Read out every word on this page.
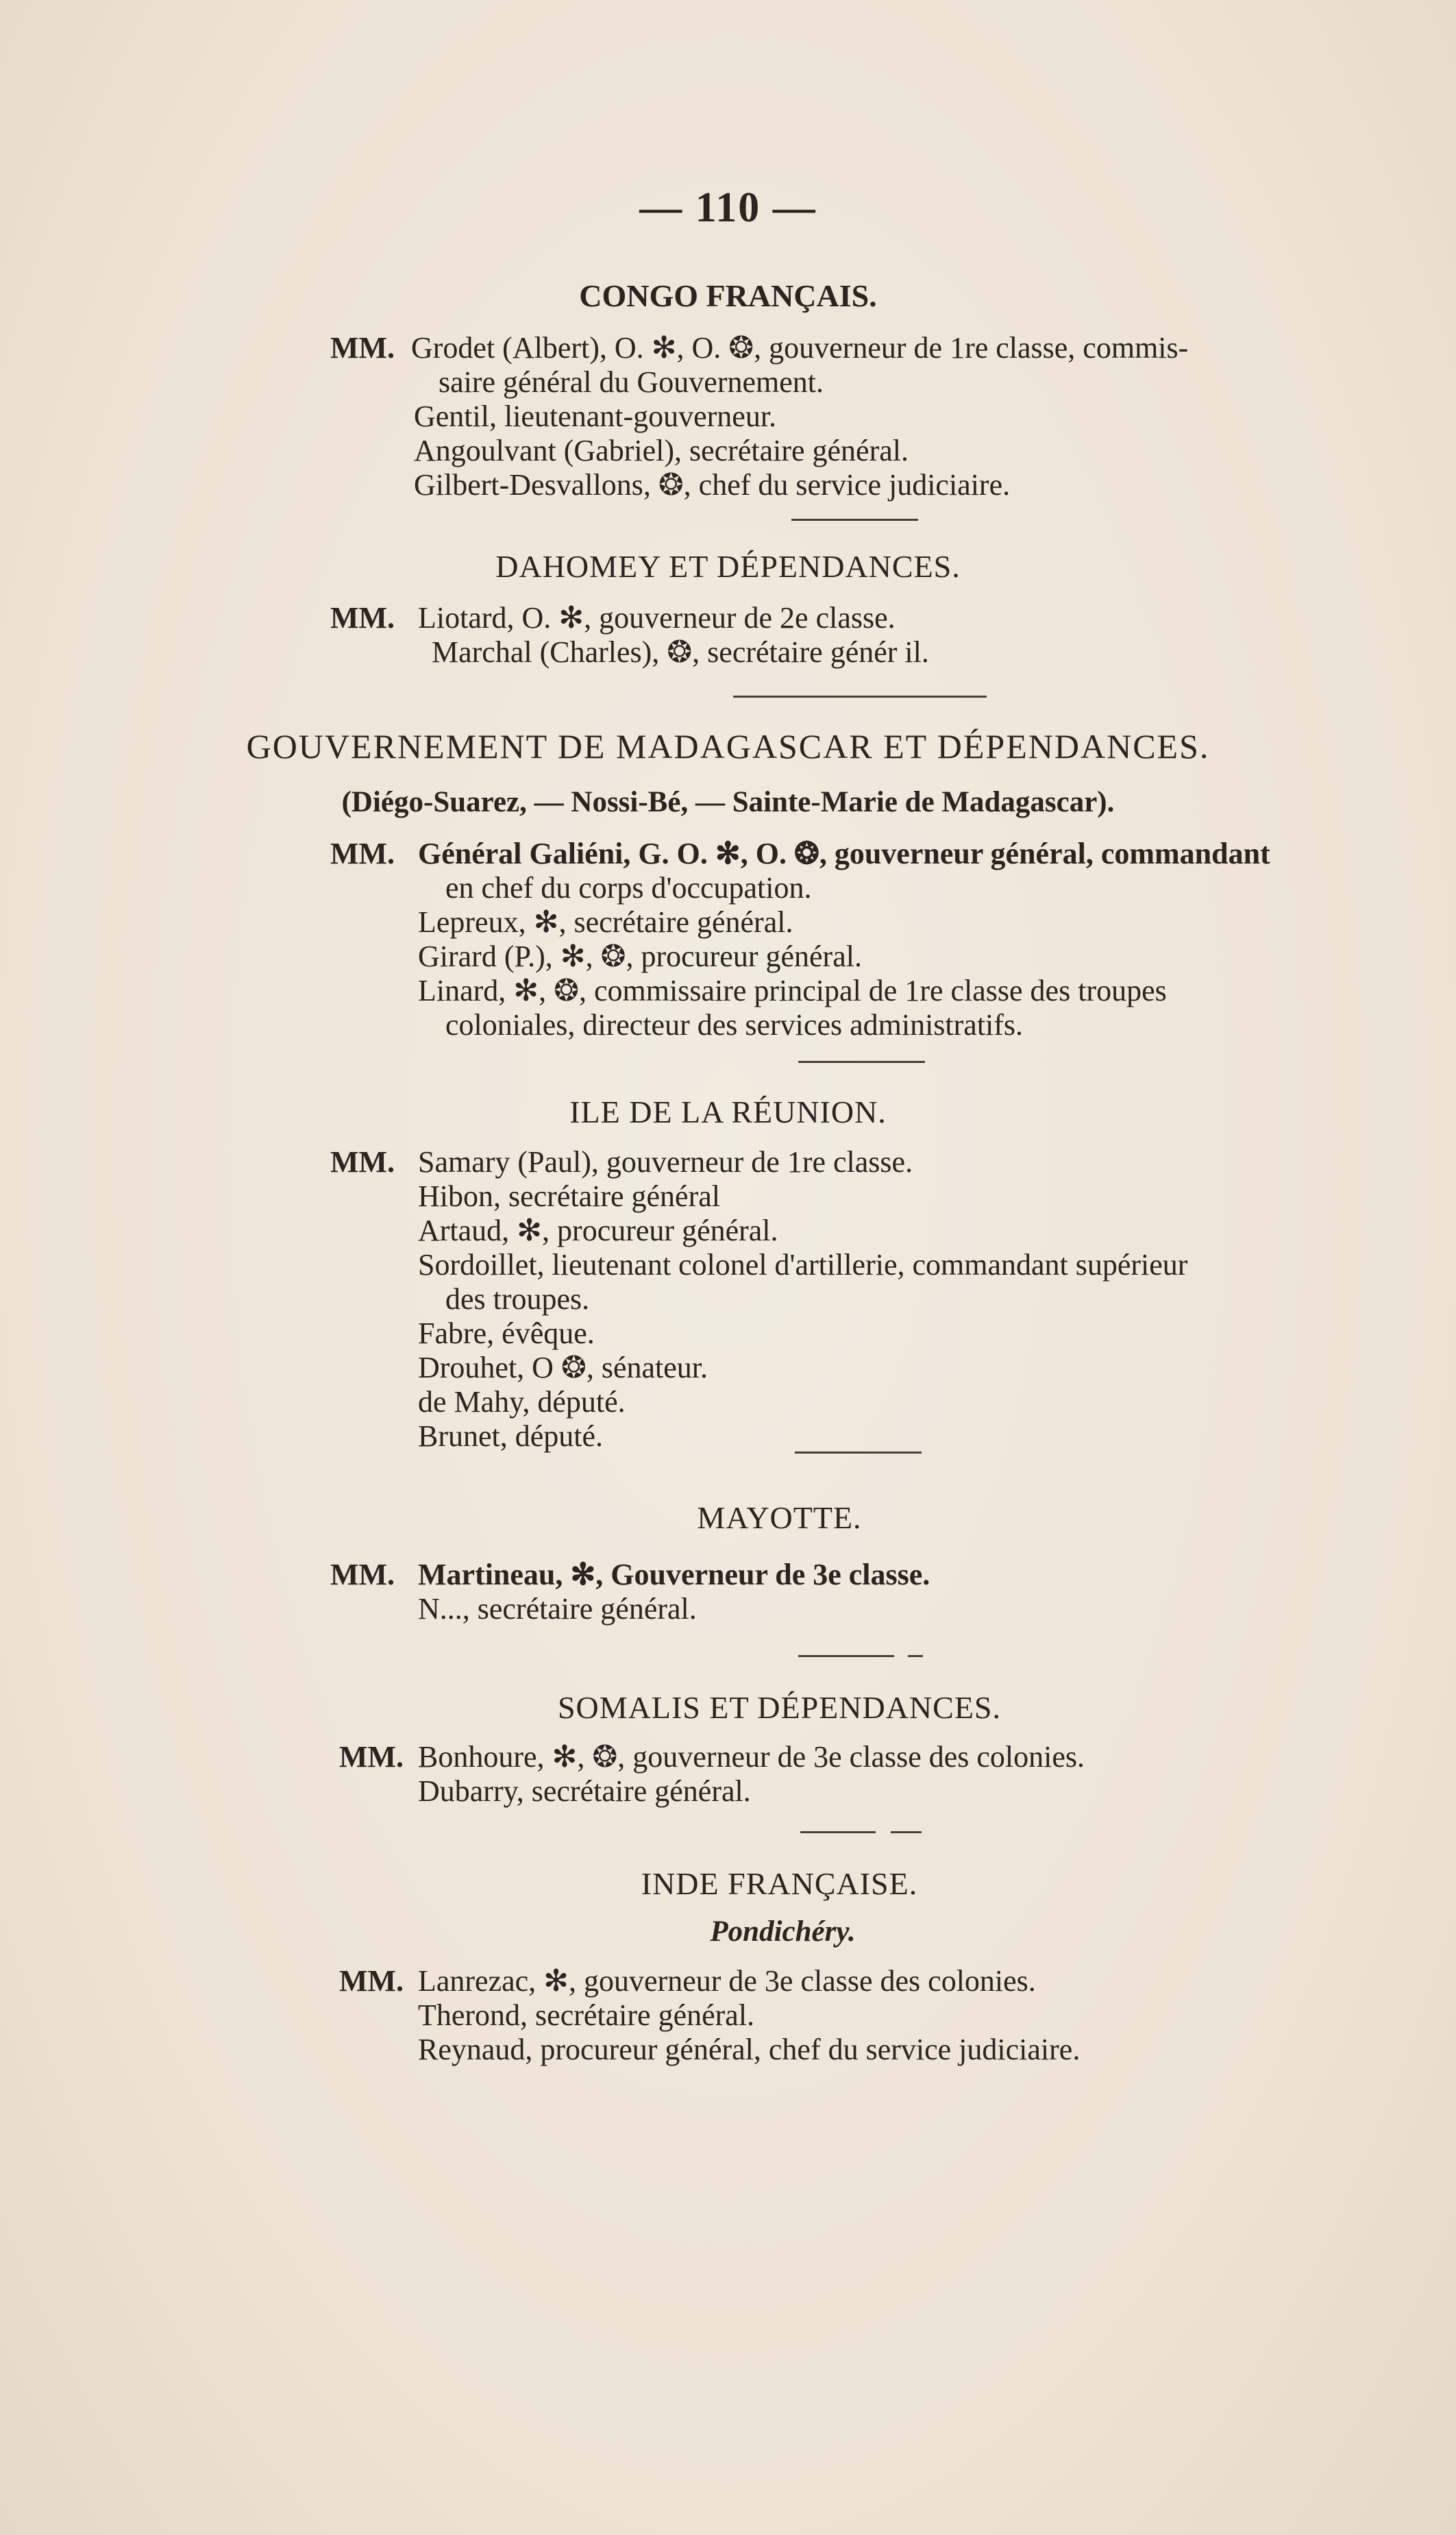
— 110 —
CONGO FRANÇAIS.
MM. Grodet (Albert), O. ✻, O. ❂, gouverneur de 1re classe, commis-
saire général du Gouvernement.
Gentil, lieutenant-gouverneur.
Angoulvant (Gabriel), secrétaire général.
Gilbert-Desvallons, ❂, chef du service judiciaire.
DAHOMEY ET DÉPENDANCES.
MM. Liotard, O. ✻, gouverneur de 2e classe.
Marchal (Charles), ❂, secrétaire génér il.
GOUVERNEMENT DE MADAGASCAR ET DÉPENDANCES.
(Diégo-Suarez, — Nossi-Bé, — Sainte-Marie de Madagascar).
MM. Général Galiéni, G. O. ✻, O. ❂, gouverneur général, commandant
en chef du corps d'occupation.
Lepreux, ✻, secrétaire général.
Girard (P.), ✻, ❂, procureur général.
Linard, ✻, ❂, commissaire principal de 1re classe des troupes
coloniales, directeur des services administratifs.
ILE DE LA RÉUNION.
MM. Samary (Paul), gouverneur de 1re classe.
Hibon, secrétaire général
Artaud, ✻, procureur général.
Sordoillet, lieutenant colonel d'artillerie, commandant supérieur
des troupes.
Fabre, évêque.
Drouhet, O ❂, sénateur.
de Mahy, député.
Brunet, député.
MAYOTTE.
MM. Martineau, ✻, Gouverneur de 3e classe.
N..., secrétaire général.
SOMALIS ET DÉPENDANCES.
MM. Bonhoure, ✻, ❂, gouverneur de 3e classe des colonies.
Dubarry, secrétaire général.
INDE FRANÇAISE.
Pondichéry.
MM. Lanrezac, ✻, gouverneur de 3e classe des colonies.
Therond, secrétaire général.
Reynaud, procureur général, chef du service judiciaire.
